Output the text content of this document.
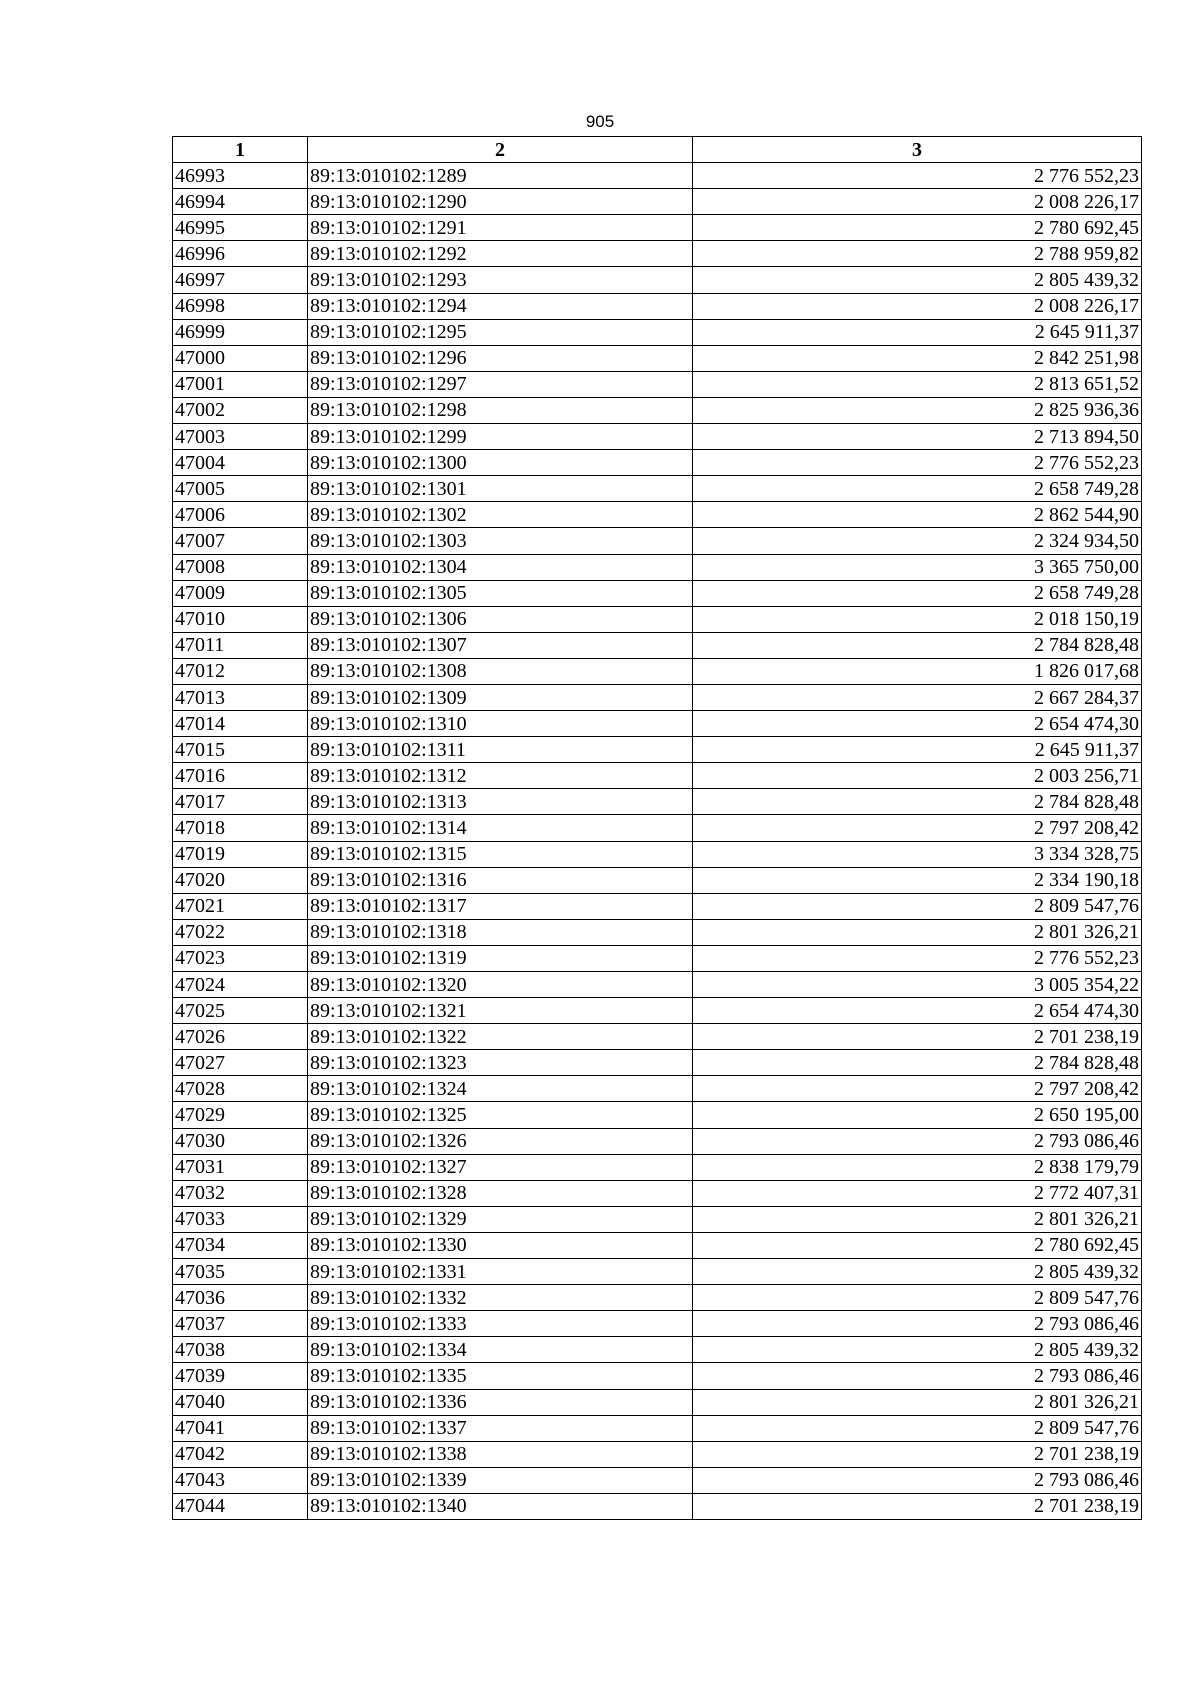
905
1	2	3
46993	89:13:010102:1289	2 776 552,23
46994	89:13:010102:1290	2 008 226,17
46995	89:13:010102:1291	2 780 692,45
46996	89:13:010102:1292	2 788 959,82
46997	89:13:010102:1293	2 805 439,32
46998	89:13:010102:1294	2 008 226,17
46999	89:13:010102:1295	2 645 911,37
47000	89:13:010102:1296	2 842 251,98
47001	89:13:010102:1297	2 813 651,52
47002	89:13:010102:1298	2 825 936,36
47003	89:13:010102:1299	2 713 894,50
47004	89:13:010102:1300	2 776 552,23
47005	89:13:010102:1301	2 658 749,28
47006	89:13:010102:1302	2 862 544,90
47007	89:13:010102:1303	2 324 934,50
47008	89:13:010102:1304	3 365 750,00
47009	89:13:010102:1305	2 658 749,28
47010	89:13:010102:1306	2 018 150,19
47011	89:13:010102:1307	2 784 828,48
47012	89:13:010102:1308	1 826 017,68
47013	89:13:010102:1309	2 667 284,37
47014	89:13:010102:1310	2 654 474,30
47015	89:13:010102:1311	2 645 911,37
47016	89:13:010102:1312	2 003 256,71
47017	89:13:010102:1313	2 784 828,48
47018	89:13:010102:1314	2 797 208,42
47019	89:13:010102:1315	3 334 328,75
47020	89:13:010102:1316	2 334 190,18
47021	89:13:010102:1317	2 809 547,76
47022	89:13:010102:1318	2 801 326,21
47023	89:13:010102:1319	2 776 552,23
47024	89:13:010102:1320	3 005 354,22
47025	89:13:010102:1321	2 654 474,30
47026	89:13:010102:1322	2 701 238,19
47027	89:13:010102:1323	2 784 828,48
47028	89:13:010102:1324	2 797 208,42
47029	89:13:010102:1325	2 650 195,00
47030	89:13:010102:1326	2 793 086,46
47031	89:13:010102:1327	2 838 179,79
47032	89:13:010102:1328	2 772 407,31
47033	89:13:010102:1329	2 801 326,21
47034	89:13:010102:1330	2 780 692,45
47035	89:13:010102:1331	2 805 439,32
47036	89:13:010102:1332	2 809 547,76
47037	89:13:010102:1333	2 793 086,46
47038	89:13:010102:1334	2 805 439,32
47039	89:13:010102:1335	2 793 086,46
47040	89:13:010102:1336	2 801 326,21
47041	89:13:010102:1337	2 809 547,76
47042	89:13:010102:1338	2 701 238,19
47043	89:13:010102:1339	2 793 086,46
47044	89:13:010102:1340	2 701 238,19
